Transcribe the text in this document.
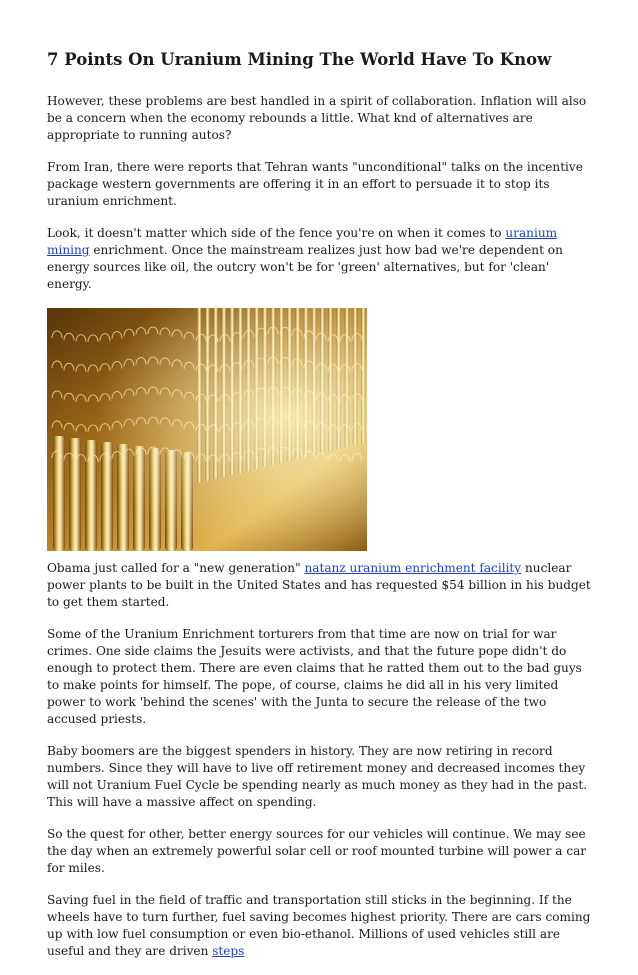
7 Points On Uranium Mining The World Have To Know

However, these problems are best handled in a spirit of collaboration. Inflation will also be a concern when the economy rebounds a little. What knd of alternatives are appropriate to running autos?

From Iran, there were reports that Tehran wants "unconditional" talks on the incentive package western governments are offering it in an effort to persuade it to stop its uranium enrichment.

Look, it doesn't matter which side of the fence you're on when it comes to uranium mining enrichment. Once the mainstream realizes just how bad we're dependent on energy sources like oil, the outcry won't be for 'green' alternatives, but for 'clean' energy.

Obama just called for a "new generation" natanz uranium enrichment facility nuclear power plants to be built in the United States and has requested $54 billion in his budget to get them started.

Some of the Uranium Enrichment torturers from that time are now on trial for war crimes. One side claims the Jesuits were activists, and that the future pope didn't do enough to protect them. There are even claims that he ratted them out to the bad guys to make points for himself. The pope, of course, claims he did all in his very limited power to work 'behind the scenes' with the Junta to secure the release of the two accused priests.

Baby boomers are the biggest spenders in history. They are now retiring in record numbers. Since they will have to live off retirement money and decreased incomes they will not Uranium Fuel Cycle be spending nearly as much money as they had in the past. This will have a massive affect on spending.

So the quest for other, better energy sources for our vehicles will continue. We may see the day when an extremely powerful solar cell or roof mounted turbine will power a car for miles.

Saving fuel in the field of traffic and transportation still sticks in the beginning. If the wheels have to turn further, fuel saving becomes highest priority. There are cars coming up with low fuel consumption or even bio-ethanol. Millions of used vehicles still are useful and they are driven steps
